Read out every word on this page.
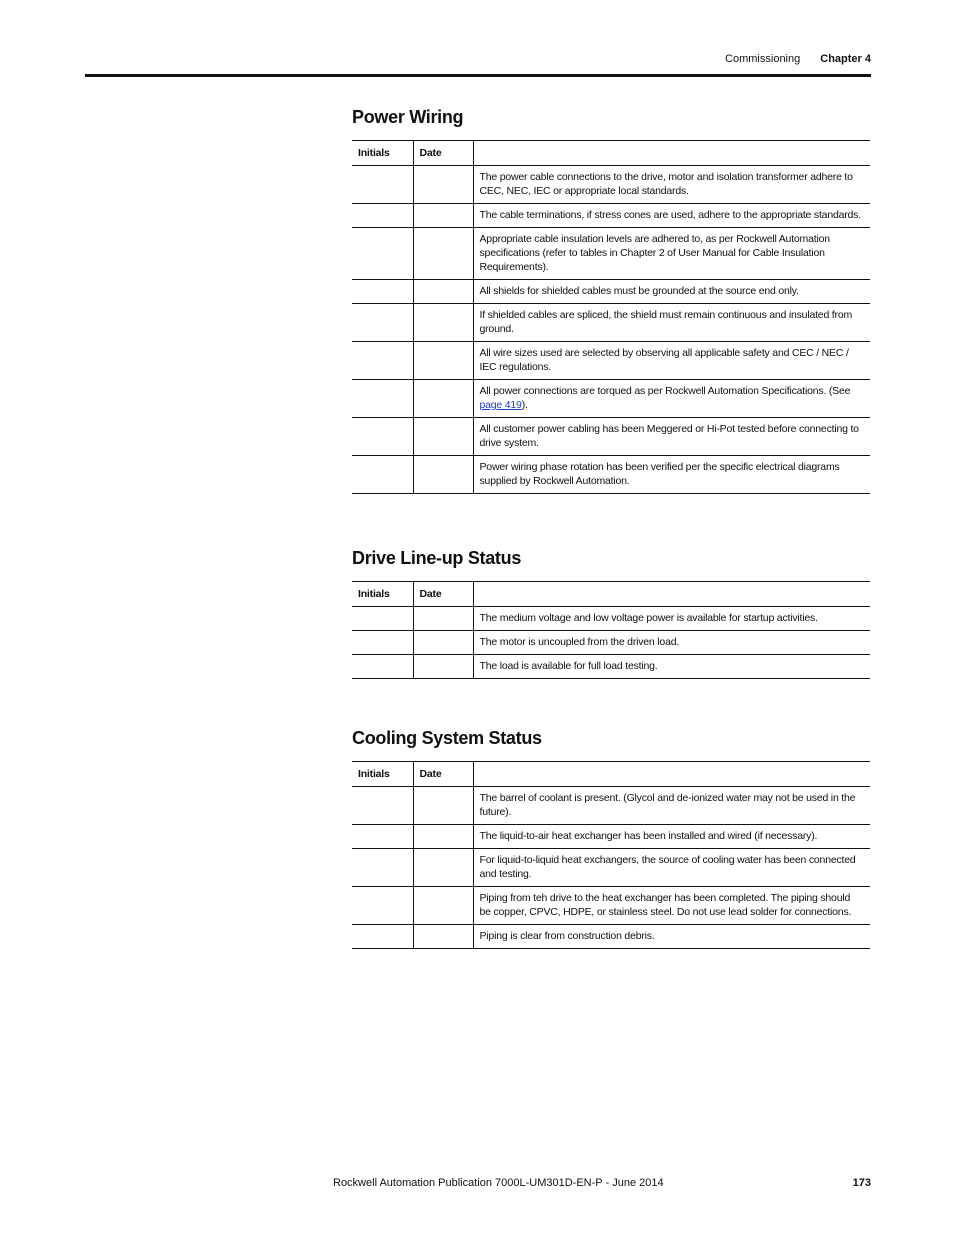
Commissioning Chapter 4
Power Wiring
Initials	Date	
		The power cable connections to the drive, motor and isolation transformer adhere to CEC, NEC, IEC or appropriate local standards.
		The cable terminations, if stress cones are used, adhere to the appropriate standards.
		Appropriate cable insulation levels are adhered to, as per Rockwell Automation specifications (refer to tables in Chapter 2 of User Manual for Cable Insulation Requirements).
		All shields for shielded cables must be grounded at the source end only.
		If shielded cables are spliced, the shield must remain continuous and insulated from ground.
		All wire sizes used are selected by observing all applicable safety and CEC / NEC / IEC regulations.
		All power connections are torqued as per Rockwell Automation Specifications. (See
page 419).
		All customer power cabling has been Meggered or Hi-Pot tested before connecting to drive system.
		Power wiring phase rotation has been verified per the specific electrical diagrams supplied by Rockwell Automation.
Drive Line-up Status
Initials	Date	
		The medium voltage and low voltage power is available for startup activities.
		The motor is uncoupled from the driven load.
		The load is available for full load testing.
Cooling System Status
Initials	Date	
		The barrel of coolant is present. (Glycol and de-ionized water may not be used in the future).
		The liquid-to-air heat exchanger has been installed and wired (if necessary).
		For liquid-to-liquid heat exchangers, the source of cooling water has been connected and testing.
		Piping from teh drive to the heat exchanger has been completed. The piping should be copper, CPVC, HDPE, or stainless steel. Do not use lead solder for connections.
		Piping is clear from construction debris.
Rockwell Automation Publication 7000L-UM301D-EN-P - June 2014	173
